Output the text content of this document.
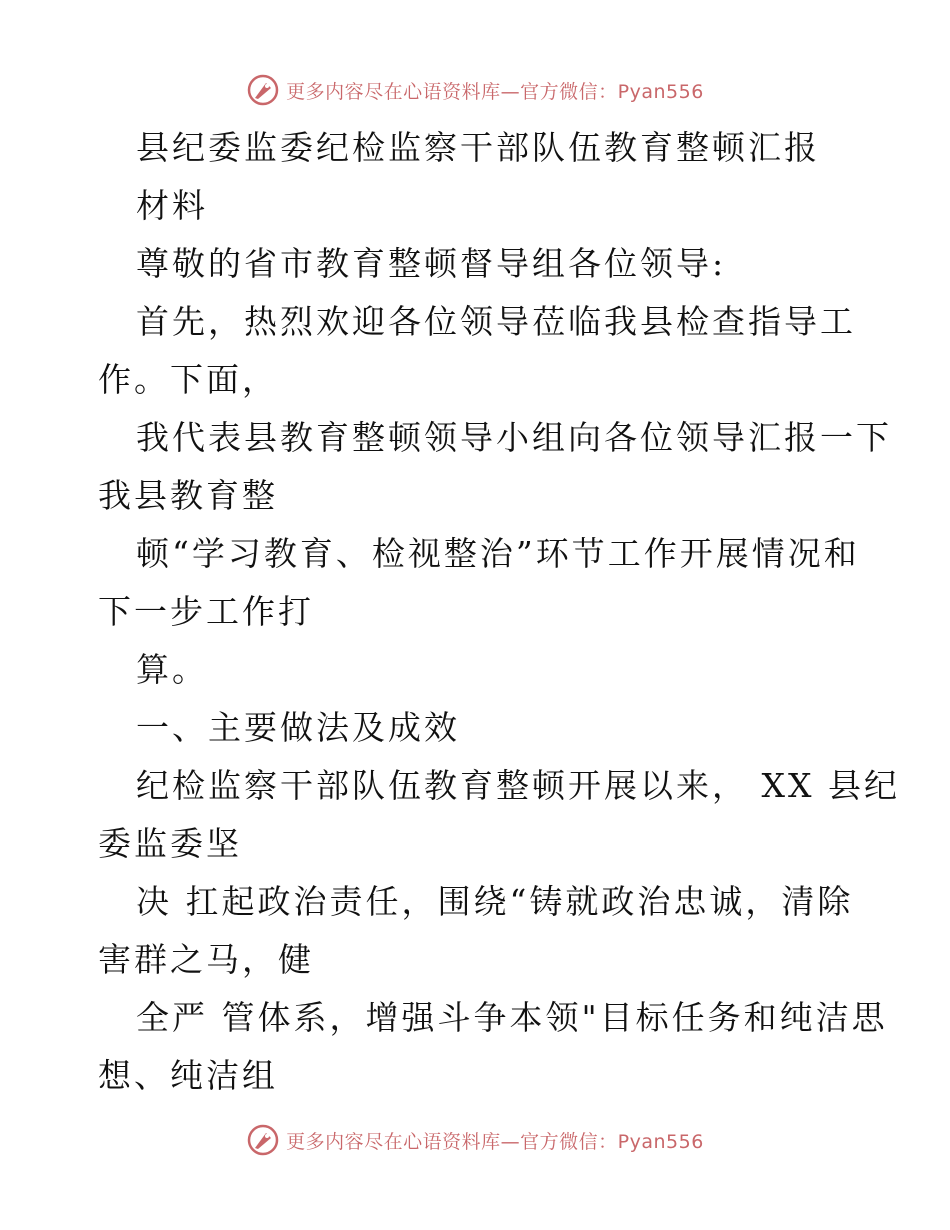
更多内容尽在心语资料库—官方微信：Pyan556
县纪委监委纪检监察干部队伍教育整顿汇报
材料
尊敬的省市教育整顿督导组各位领导:
首先，热烈欢迎各位领导莅临我县检查指导工
作。下面，
我代表县教育整顿领导小组向各位领导汇报一下
我县教育整
顿“学习教育、检视整治”环节工作开展情况和
下一步工作打
算。
一、主要做法及成效
纪检监察干部队伍教育整顿开展以来， XX 县纪
委监委坚
决 扛起政治责任，围绕“铸就政治忠诚，清除
害群之马，健
全严 管体系，增强斗争本领"目标任务和纯洁思
想、纯洁组
更多内容尽在心语资料库—官方微信：Pyan556
